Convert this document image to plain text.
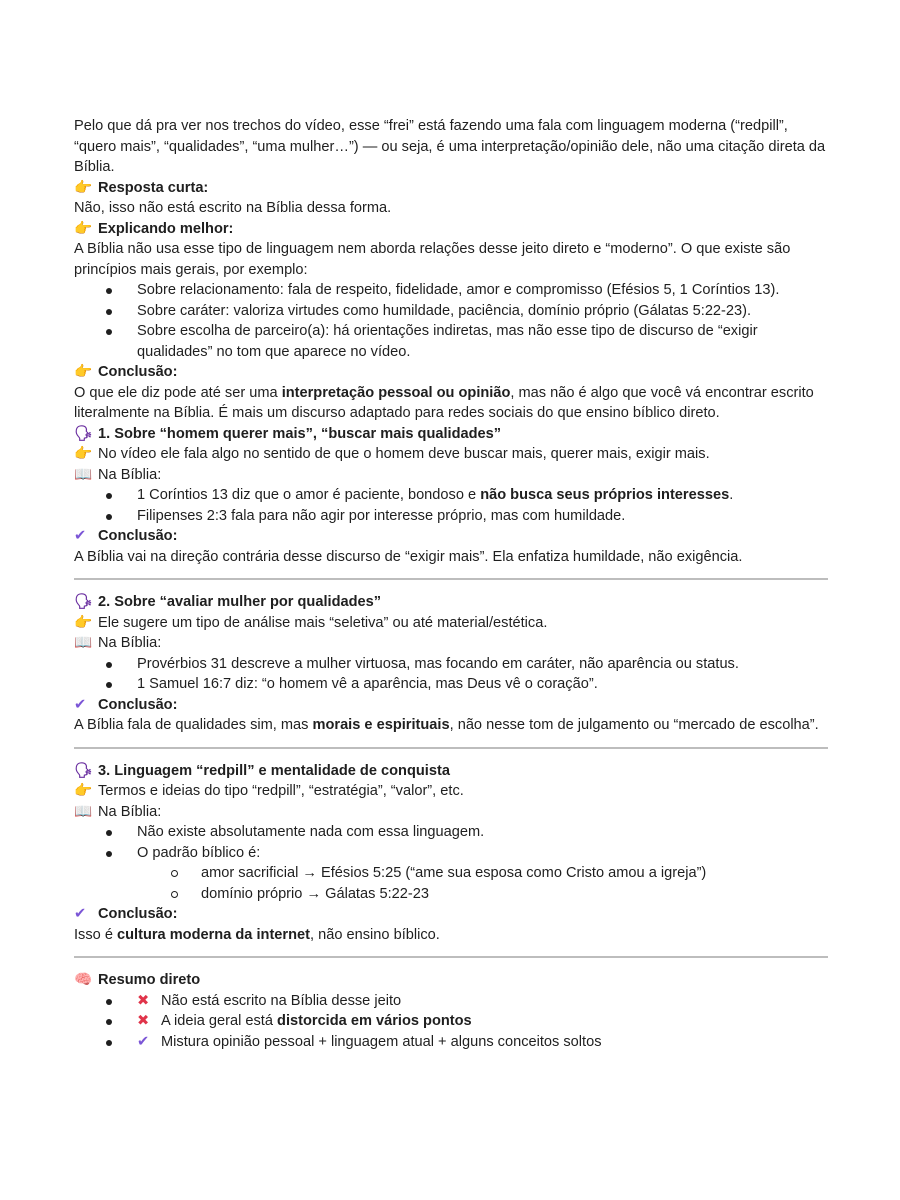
Pelo que dá pra ver nos trechos do vídeo, esse “frei” está fazendo uma fala com linguagem moderna (“redpill”, “quero mais”, “qualidades”, “uma mulher…”) — ou seja, é uma interpretação/opinião dele, não uma citação direta da Bíblia.

👉 Resposta curta:

Não, isso não está escrito na Bíblia dessa forma.

👉 Explicando melhor:

A Bíblia não usa esse tipo de linguagem nem aborda relações desse jeito direto e “moderno”. O que existe são princípios mais gerais, por exemplo:

Sobre relacionamento: fala de respeito, fidelidade, amor e compromisso (Efésios 5, 1 Coríntios 13).
Sobre caráter: valoriza virtudes como humildade, paciência, domínio próprio (Gálatas 5:22-23).
Sobre escolha de parceiro(a): há orientações indiretas, mas não esse tipo de discurso de “exigir qualidades” no tom que aparece no vídeo.

👉 Conclusão:

O que ele diz pode até ser uma interpretação pessoal ou opinião, mas não é algo que você vá encontrar escrito literalmente na Bíblia. É mais um discurso adaptado para redes sociais do que ensino bíblico direto.

🗣 1. Sobre “homem querer mais”, “buscar mais qualidades”

👉 No vídeo ele fala algo no sentido de que o homem deve buscar mais, querer mais, exigir mais.

📖 Na Bíblia:

1 Coríntios 13 diz que o amor é paciente, bondoso e não busca seus próprios interesses.
Filipenses 2:3 fala para não agir por interesse próprio, mas com humildade.

✔ Conclusão:

A Bíblia vai na direção contrária desse discurso de “exigir mais”. Ela enfatiza humildade, não exigência.

🗣 2. Sobre “avaliar mulher por qualidades”

👉 Ele sugere um tipo de análise mais “seletiva” ou até material/estética.

📖 Na Bíblia:

Provérbios 31 descreve a mulher virtuosa, mas focando em caráter, não aparência ou status.
1 Samuel 16:7 diz: “o homem vê a aparência, mas Deus vê o coração”.

✔ Conclusão:

A Bíblia fala de qualidades sim, mas morais e espirituais, não nesse tom de julgamento ou “mercado de escolha”.

🗣 3. Linguagem “redpill” e mentalidade de conquista

👉 Termos e ideias do tipo “redpill”, “estratégia”, “valor”, etc.

📖 Na Bíblia:

Não existe absolutamente nada com essa linguagem.
O padrão bíblico é:
amor sacrificial → Efésios 5:25 (“ame sua esposa como Cristo amou a igreja”)
domínio próprio → Gálatas 5:22-23

✔ Conclusão:

Isso é cultura moderna da internet, não ensino bíblico.

🧠 Resumo direto

✖ Não está escrito na Bíblia desse jeito
✖ A ideia geral está distorcida em vários pontos
✔ Mistura opinião pessoal + linguagem atual + alguns conceitos soltos
